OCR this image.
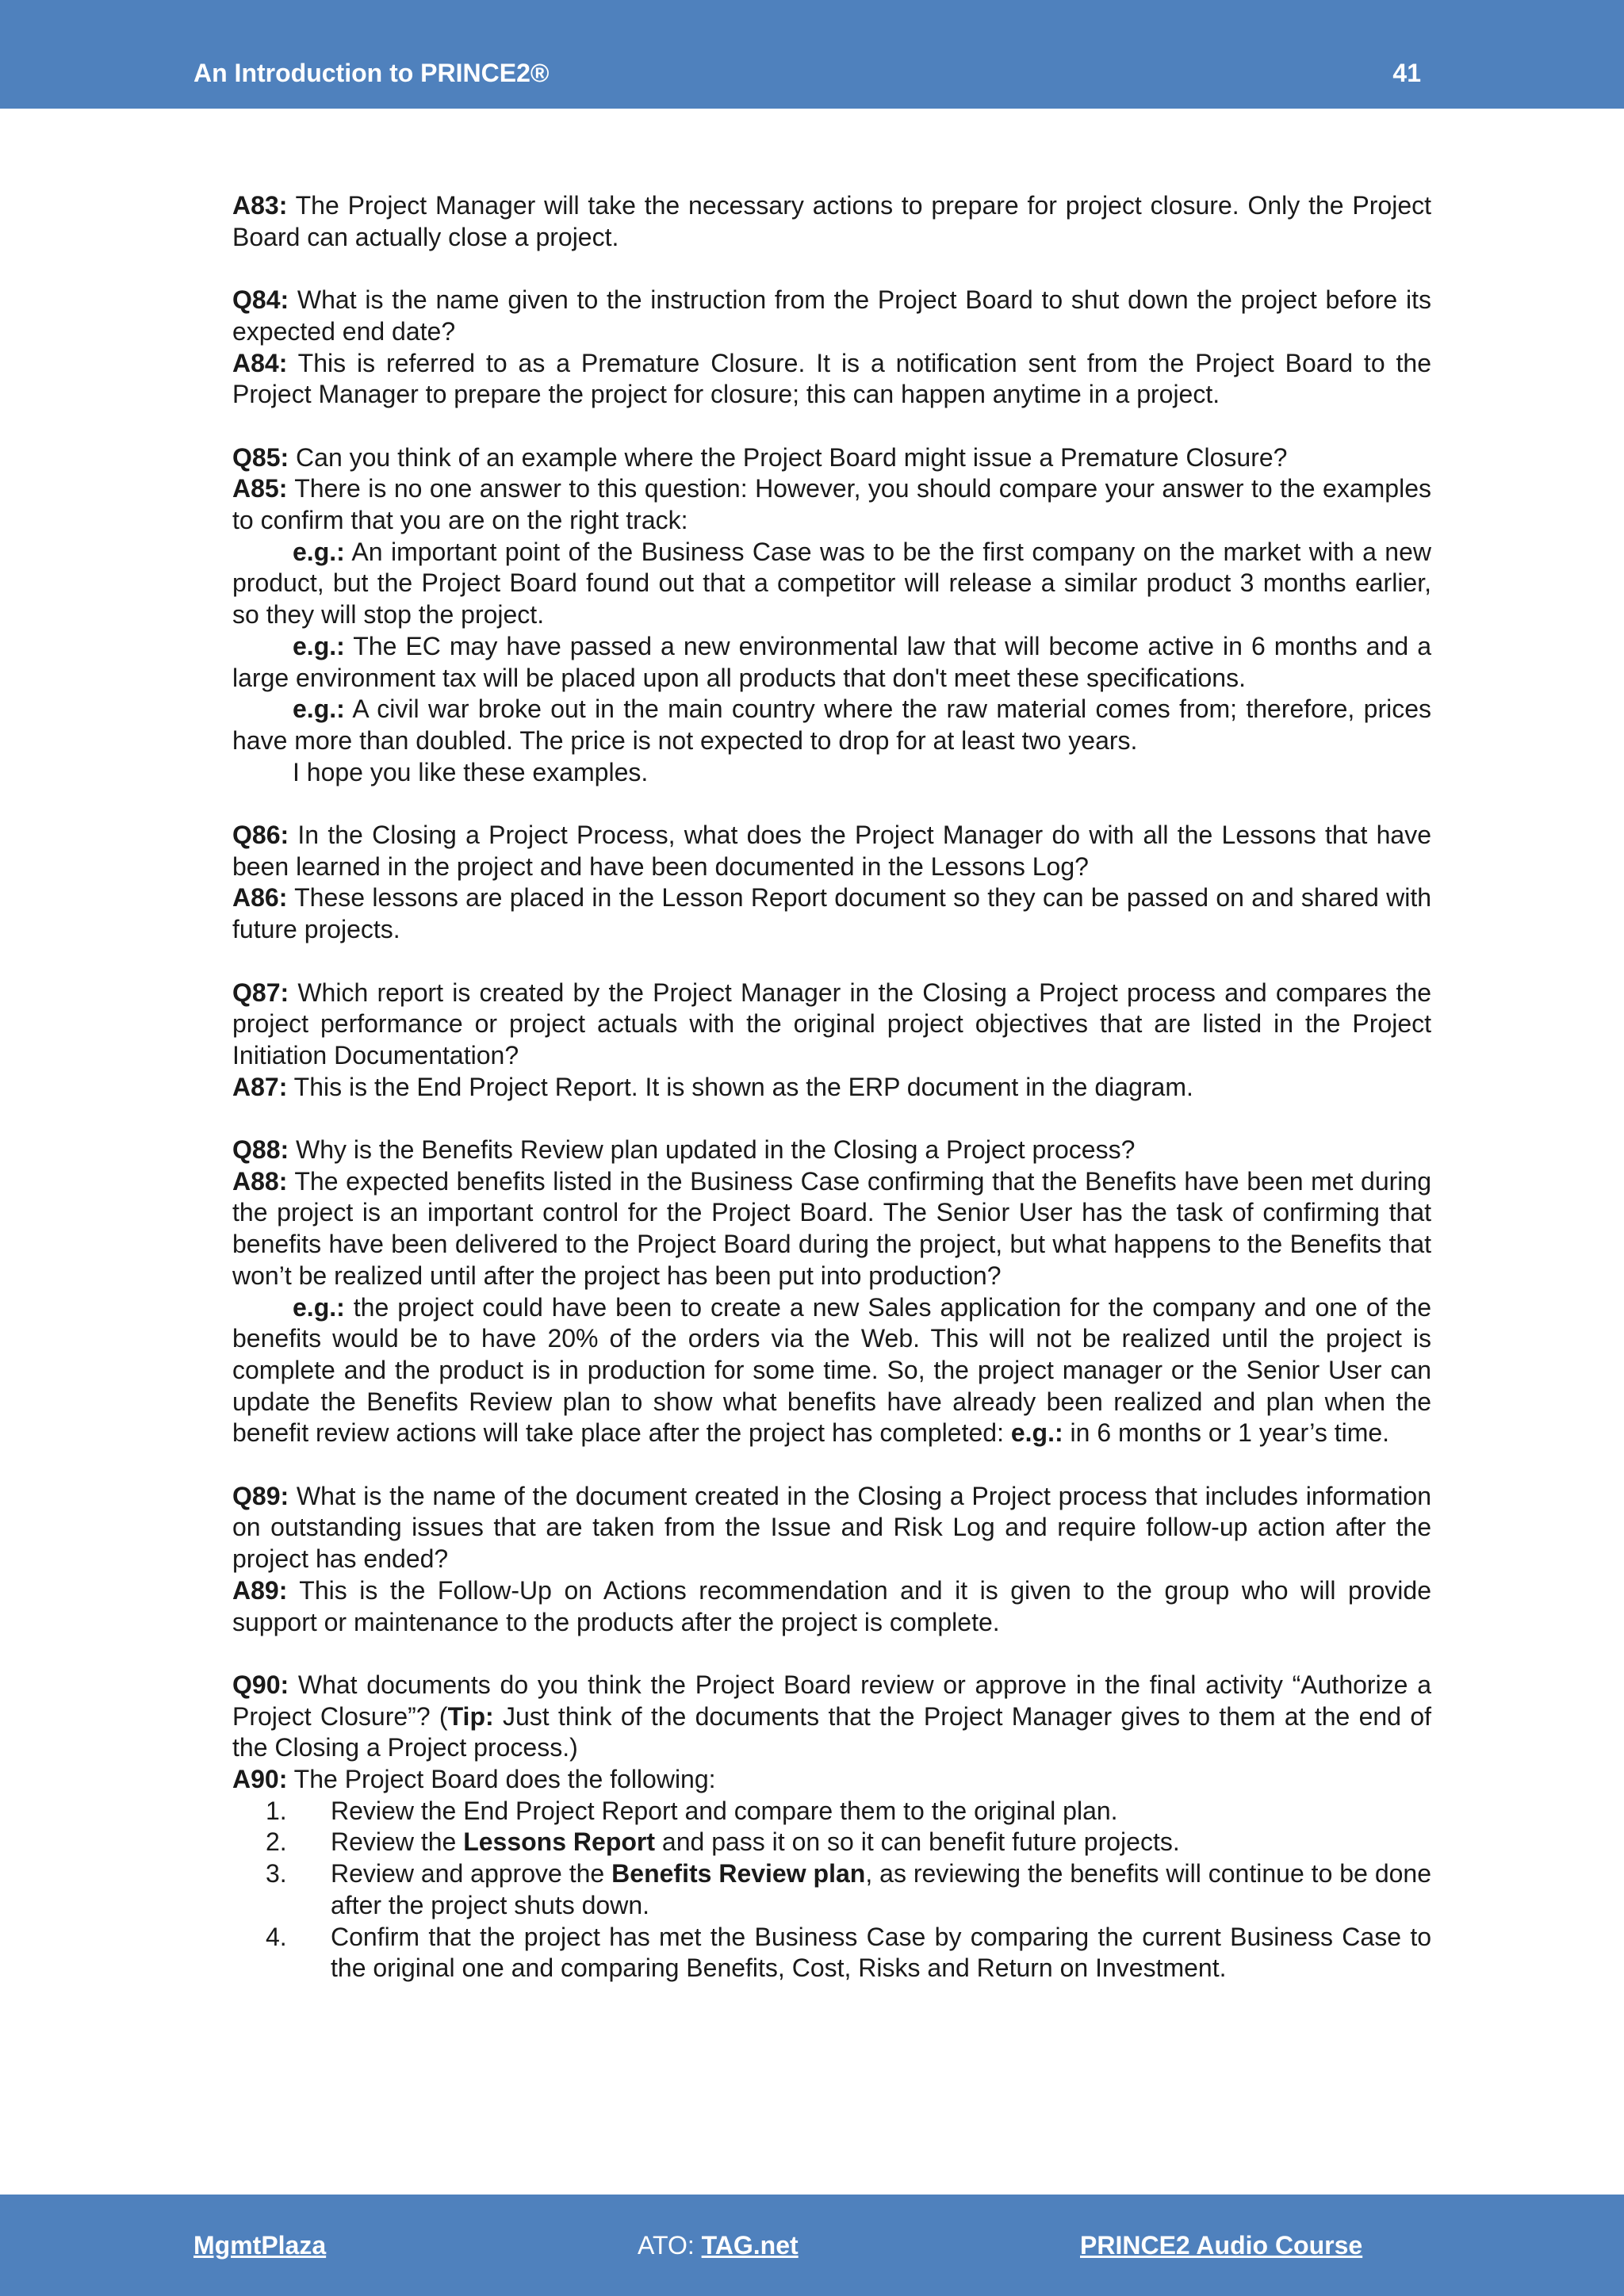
An Introduction to PRINCE2®	41

A83: The Project Manager will take the necessary actions to prepare for project closure. Only the Project Board can actually close a project.

Q84: What is the name given to the instruction from the Project Board to shut down the project before its expected end date?

A84: This is referred to as a Premature Closure. It is a notification sent from the Project Board to the Project Manager to prepare the project for closure; this can happen anytime in a project.

Q85: Can you think of an example where the Project Board might issue a Premature Closure?

A85: There is no one answer to this question: However, you should compare your answer to the examples to confirm that you are on the right track:

e.g.: An important point of the Business Case was to be the first company on the market with a new product, but the Project Board found out that a competitor will release a similar product 3 months earlier, so they will stop the project.

e.g.: The EC may have passed a new environmental law that will become active in 6 months and a large environment tax will be placed upon all products that don't meet these specifications.

e.g.: A civil war broke out in the main country where the raw material comes from; therefore, prices have more than doubled. The price is not expected to drop for at least two years.

I hope you like these examples.

Q86: In the Closing a Project Process, what does the Project Manager do with all the Lessons that have been learned in the project and have been documented in the Lessons Log?

A86: These lessons are placed in the Lesson Report document so they can be passed on and shared with future projects.

Q87: Which report is created by the Project Manager in the Closing a Project process and compares the project performance or project actuals with the original project objectives that are listed in the Project Initiation Documentation?

A87: This is the End Project Report. It is shown as the ERP document in the diagram.

Q88: Why is the Benefits Review plan updated in the Closing a Project process?

A88: The expected benefits listed in the Business Case confirming that the Benefits have been met during the project is an important control for the Project Board. The Senior User has the task of confirming that benefits have been delivered to the Project Board during the project, but what happens to the Benefits that won’t be realized until after the project has been put into production?

e.g.: the project could have been to create a new Sales application for the company and one of the benefits would be to have 20% of the orders via the Web. This will not be realized until the project is complete and the product is in production for some time. So, the project manager or the Senior User can update the Benefits Review plan to show what benefits have already been realized and plan when the benefit review actions will take place after the project has completed: e.g.: in 6 months or 1 year’s time.

Q89: What is the name of the document created in the Closing a Project process that includes information on outstanding issues that are taken from the Issue and Risk Log and require follow-up action after the project has ended?

A89: This is the Follow-Up on Actions recommendation and it is given to the group who will provide support or maintenance to the products after the project is complete.

Q90: What documents do you think the Project Board review or approve in the final activity “Authorize a Project Closure”? (Tip: Just think of the documents that the Project Manager gives to them at the end of the Closing a Project process.)

A90: The Project Board does the following:

1.	Review the End Project Report and compare them to the original plan.
2.	Review the Lessons Report and pass it on so it can benefit future projects.
3.	Review and approve the Benefits Review plan, as reviewing the benefits will continue to be done after the project shuts down.
4.	Confirm that the project has met the Business Case by comparing the current Business Case to the original one and comparing Benefits, Cost, Risks and Return on Investment.
MgmtPlaza	ATO: TAG.net	PRINCE2 Audio Course
